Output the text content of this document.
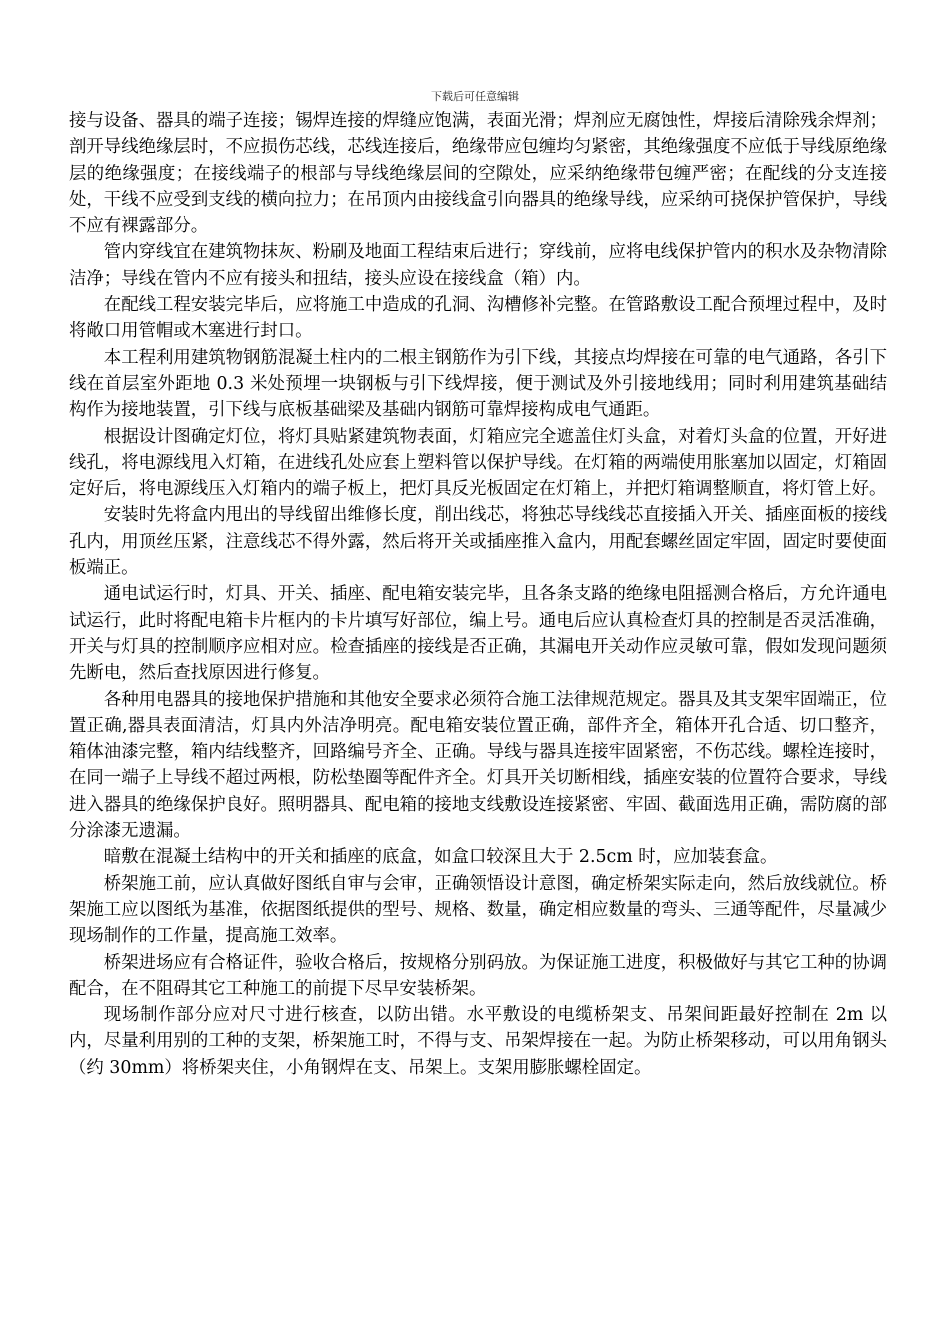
下载后可任意编辑

接与设备、器具的端子连接；锡焊连接的焊缝应饱满，表面光滑；焊剂应无腐蚀性，焊接后清除残余焊剂；剖开导线绝缘层时，不应损伤芯线，芯线连接后，绝缘带应包缠均匀紧密，其绝缘强度不应低于导线原绝缘层的绝缘强度；在接线端子的根部与导线绝缘层间的空隙处，应采纳绝缘带包缠严密；在配线的分支连接处，干线不应受到支线的横向拉力；在吊顶内由接线盒引向器具的绝缘导线，应采纳可挠保护管保护，导线不应有裸露部分。

管内穿线宜在建筑物抹灰、粉刷及地面工程结束后进行；穿线前，应将电线保护管内的积水及杂物清除洁净；导线在管内不应有接头和扭结，接头应设在接线盒（箱）内。

在配线工程安装完毕后，应将施工中造成的孔洞、沟槽修补完整。在管路敷设工配合预埋过程中，及时将敞口用管帽或木塞进行封口。

本工程利用建筑物钢筋混凝土柱内的二根主钢筋作为引下线，其接点均焊接在可靠的电气通路，各引下线在首层室外距地 0.3 米处预埋一块钢板与引下线焊接，便于测试及外引接地线用；同时利用建筑基础结构作为接地装置，引下线与底板基础梁及基础内钢筋可靠焊接构成电气通距。

根据设计图确定灯位，将灯具贴紧建筑物表面，灯箱应完全遮盖住灯头盒，对着灯头盒的位置，开好进线孔，将电源线甩入灯箱，在进线孔处应套上塑料管以保护导线。在灯箱的两端使用胀塞加以固定，灯箱固定好后，将电源线压入灯箱内的端子板上，把灯具反光板固定在灯箱上，并把灯箱调整顺直，将灯管上好。

安装时先将盒内甩出的导线留出维修长度，削出线芯，将独芯导线线芯直接插入开关、插座面板的接线孔内，用顶丝压紧，注意线芯不得外露，然后将开关或插座推入盒内，用配套螺丝固定牢固，固定时要使面板端正。

通电试运行时，灯具、开关、插座、配电箱安装完毕，且各条支路的绝缘电阻摇测合格后，方允许通电试运行，此时将配电箱卡片框内的卡片填写好部位，编上号。通电后应认真检查灯具的控制是否灵活准确，开关与灯具的控制顺序应相对应。检查插座的接线是否正确，其漏电开关动作应灵敏可靠，假如发现问题须先断电，然后查找原因进行修复。

各种用电器具的接地保护措施和其他安全要求必须符合施工法律规范规定。器具及其支架牢固端正，位置正确,器具表面清洁，灯具内外洁净明亮。配电箱安装位置正确，部件齐全，箱体开孔合适、切口整齐，箱体油漆完整，箱内结线整齐，回路编号齐全、正确。导线与器具连接牢固紧密，不伤芯线。螺栓连接时，在同一端子上导线不超过两根，防松垫圈等配件齐全。灯具开关切断相线，插座安装的位置符合要求，导线进入器具的绝缘保护良好。照明器具、配电箱的接地支线敷设连接紧密、牢固、截面选用正确，需防腐的部分涂漆无遗漏。

暗敷在混凝土结构中的开关和插座的底盒，如盒口较深且大于 2.5cm 时，应加装套盒。

桥架施工前，应认真做好图纸自审与会审，正确领悟设计意图，确定桥架实际走向，然后放线就位。桥架施工应以图纸为基准，依据图纸提供的型号、规格、数量，确定相应数量的弯头、三通等配件，尽量减少现场制作的工作量，提高施工效率。

桥架进场应有合格证件，验收合格后，按规格分别码放。为保证施工进度，积极做好与其它工种的协调配合，在不阻碍其它工种施工的前提下尽早安装桥架。

现场制作部分应对尺寸进行核查，以防出错。水平敷设的电缆桥架支、吊架间距最好控制在 2m 以内，尽量利用别的工种的支架，桥架施工时，不得与支、吊架焊接在一起。为防止桥架移动，可以用角钢头（约 30mm）将桥架夹住，小角钢焊在支、吊架上。支架用膨胀螺栓固定。
